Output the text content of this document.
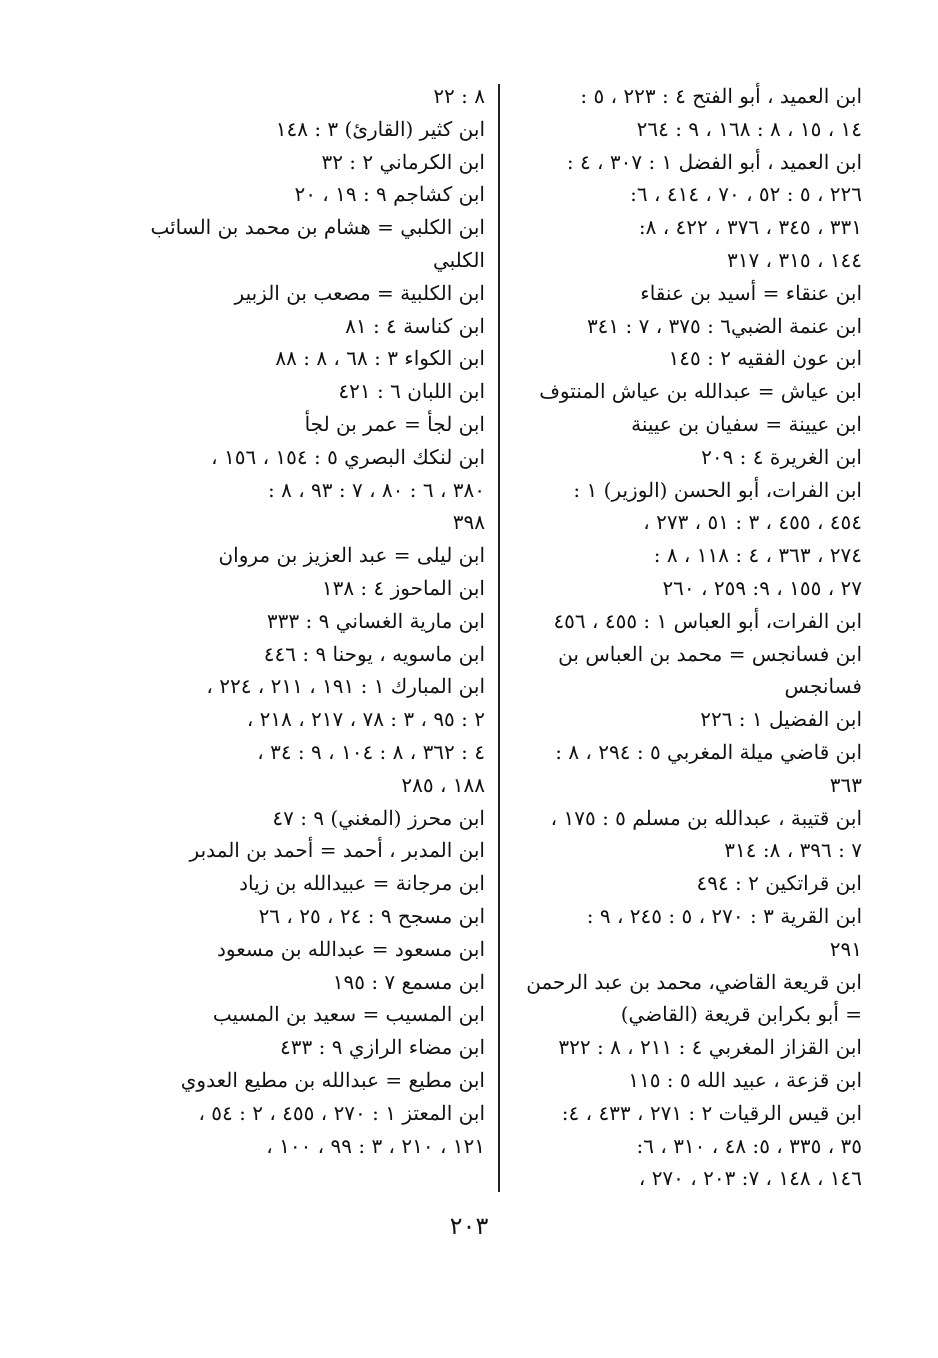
ابن العميد ، أبو الفتح ٤ : ٢٢٣ ، ٥ :
١٤ ، ١٥ ، ٨ : ١٦٨ ، ٩ : ٢٦٤
ابن العميد ، أبو الفضل ١ : ٣٠٧ ، ٤ :
٢٢٦ ، ٥ : ٥٢ ، ٧٠ ، ٤١٤ ، ٦:
٣٣١ ، ٣٤٥ ، ٣٧٦ ، ٤٢٢ ، ٨:
١٤٤ ، ٣١٥ ، ٣١٧
ابن عنقاء = أسيد بن عنقاء
ابن عنمة الضبي٦ : ٣٧٥ ، ٧ : ٣٤١
ابن عون الفقيه ٢ : ١٤٥
ابن عياش = عبدالله بن عياش المنتوف
ابن عيينة = سفيان بن عيينة
ابن الغريرة ٤ : ٢٠٩
ابن الفرات، أبو الحسن (الوزير) ١ :
٤٥٤ ، ٤٥٥ ، ٣ : ٥١ ، ٢٧٣ ،
٢٧٤ ، ٣٦٣ ، ٤ : ١١٨ ، ٨ :
٢٧ ، ١٥٥ ، ٩: ٢٥٩ ، ٢٦٠
ابن الفرات، أبو العباس ١ : ٤٥٥ ، ٤٥٦
ابن فسانجس = محمد بن العباس بن
فسانجس
ابن الفضيل ١ : ٢٢٦
ابن قاضي ميلة المغربي ٥ : ٢٩٤ ، ٨ :
٣٦٣
ابن قتيبة ، عبدالله بن مسلم ٥ : ١٧٥ ،
٧ : ٣٩٦ ، ٨: ٣١٤
ابن قراتكين ٢ : ٤٩٤
ابن القرية ٣ : ٢٧٠ ، ٥ : ٢٤٥ ، ٩ :
٢٩١
ابن قريعة القاضي، محمد بن عبد الرحمن
= أبو بكرابن قريعة (القاضي)
ابن القزاز المغربي ٤ : ٢١١ ، ٨ : ٣٢٢
ابن قزعة ، عبيد الله ٥ : ١١٥
ابن قيس الرقيات ٢ : ٢٧١ ، ٤٣٣ ، ٤:
٣٥ ، ٣٣٥ ، ٥: ٤٨ ، ٣١٠ ، ٦:
١٤٦ ، ١٤٨ ، ٧: ٢٠٣ ، ٢٧٠ ،
٨ : ٢٢
ابن كثير (القارئ) ٣ : ١٤٨
ابن الكرماني ٢ : ٣٢
ابن كشاجم ٩ : ١٩ ، ٢٠
ابن الكلبي = هشام بن محمد بن السائب
الكلبي
ابن الكلبية = مصعب بن الزبير
ابن كناسة ٤ : ٨١
ابن الكواء ٣ : ٦٨ ، ٨ : ٨٨
ابن اللبان ٦ : ٤٢١
ابن لجأ = عمر بن لجأ
ابن لنكك البصري ٥ : ١٥٤ ، ١٥٦ ،
٣٨٠ ، ٦ : ٨٠ ، ٧ : ٩٣ ، ٨ :
٣٩٨
ابن ليلى = عبد العزيز بن مروان
ابن الماحوز ٤ : ١٣٨
ابن مارية الغساني ٩ : ٣٣٣
ابن ماسويه ، يوحنا ٩ : ٤٤٦
ابن المبارك ١ : ١٩١ ، ٢١١ ، ٢٢٤ ،
٢ : ٩٥ ، ٣ : ٧٨ ، ٢١٧ ، ٢١٨ ،
٤ : ٣٦٢ ، ٨ : ١٠٤ ، ٩ : ٣٤ ،
١٨٨ ، ٢٨٥
ابن محرز (المغني) ٩ : ٤٧
ابن المدبر ، أحمد = أحمد بن المدبر
ابن مرجانة = عبيدالله بن زياد
ابن مسجح ٩ : ٢٤ ، ٢٥ ، ٢٦
ابن مسعود = عبدالله بن مسعود
ابن مسمع ٧ : ١٩٥
ابن المسيب = سعيد بن المسيب
ابن مضاء الرازي ٩ : ٤٣٣
ابن مطيع = عبدالله بن مطيع العدوي
ابن المعتز ١ : ٢٧٠ ، ٤٥٥ ، ٢ : ٥٤ ،
١٢١ ، ٢١٠ ، ٣ : ٩٩ ، ١٠٠ ،
٢٠٣
